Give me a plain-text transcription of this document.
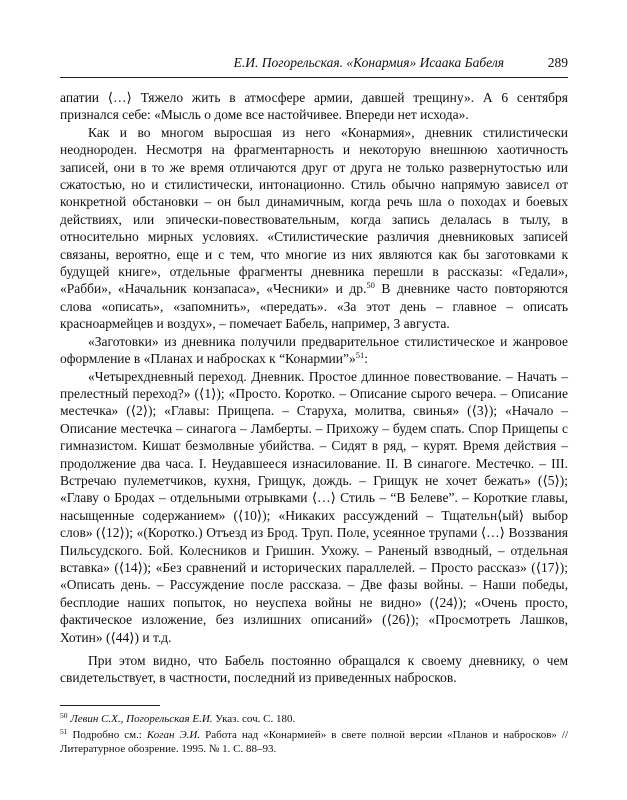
Е.И. Погорельская. «Конармия» Исаака Бабеля	289

апатии ⟨…⟩ Тяжело жить в атмосфере армии, давшей трещину». А 6 сентября признался себе: «Мысль о доме все настойчивее. Впереди нет исхода».

Как и во многом выросшая из него «Конармия», дневник стилистически неоднороден. Несмотря на фрагментарность и некоторую внешнюю хаотичность записей, они в то же время отличаются друг от друга не только развернутостью или сжатостью, но и стилистически, интонационно. Стиль обычно напрямую зависел от конкретной обстановки – он был динамичным, когда речь шла о походах и боевых действиях, или эпически-повествовательным, когда запись делалась в тылу, в относительно мирных условиях. «Стилистические различия дневниковых записей связаны, вероятно, еще и с тем, что многие из них являются как бы заготовками к будущей книге», отдельные фрагменты дневника перешли в рассказы: «Гедали», «Рабби», «Начальник конзапаса», «Чесники» и др.$^{50}$ В дневнике часто повторяются слова «описать», «запомнить», «передать». «За этот день – главное – описать красноармейцев и воздух», – помечает Бабель, например, 3 августа.

«Заготовки» из дневника получили предварительное стилистическое и жанровое оформление в «Планах и набросках к “Конармии”»$^{51}$:

«Четырехдневный переход. Дневник. Простое длинное повествование. – Начать – прелестный переход?» (⟨1⟩); «Просто. Коротко. – Описание сырого вечера. – Описание местечка» (⟨2⟩); «Главы: Прищепа. – Старуха, молитва, свинья» (⟨3⟩); «Начало – Описание местечка – синагога – Ламберты. – Прихожу – будем спать. Спор Прищепы с гимназистом. Кишат безмолвные убийства. – Сидят в ряд, – курят. Время действия – продолжение два часа. I. Неудавшееся изнасилование. II. В синагоге. Местечко. – III. Встречаю пулеметчиков, кухня, Грищук, дождь. – Грищук не хочет бежать» (⟨5⟩); «Главу о Бродах – отдельными отрывками ⟨…⟩ Стиль – “В Белеве”. – Короткие главы, насыщенные содержанием» (⟨10⟩); «Никаких рассуждений – Тщательн⟨ый⟩ выбор слов» (⟨12⟩); «(Коротко.) Отъезд из Брод. Труп. Поле, усеянное трупами ⟨…⟩ Воззвания Пильсудского. Бой. Колесников и Гришин. Ухожу. – Раненый взводный, – отдельная вставка» (⟨14⟩); «Без сравнений и исторических параллелей. – Просто рассказ» (⟨17⟩); «Описать день. – Рассуждение после рассказа. – Две фазы войны. – Наши победы, бесплодие наших попыток, но неуспеха войны не видно» (⟨24⟩); «Очень просто, фактическое изложение, без излишних описаний» (⟨26⟩); «Просмотреть Лашков, Хотин» (⟨44⟩) и т.д.

При этом видно, что Бабель постоянно обращался к своему дневнику, о чем свидетельствует, в частности, последний из приведенных набросков.

$^{50}$ Левин С.Х., Погорельская Е.И. Указ. соч. С. 180.

$^{51}$ Подробно см.: Коган Э.И. Работа над «Конармией» в свете полной версии «Планов и набросков» // Литературное обозрение. 1995. № 1. С. 88–93.
